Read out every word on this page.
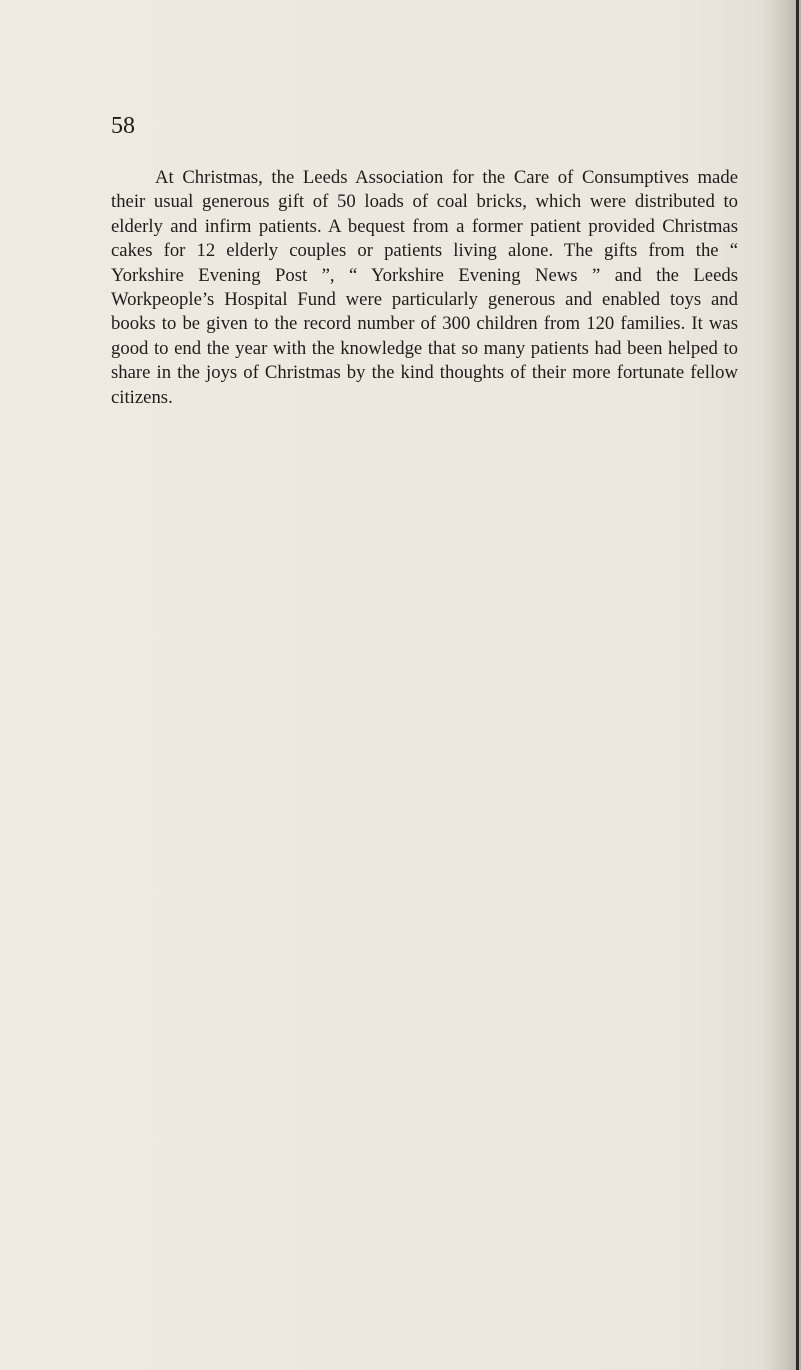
58

At Christmas, the Leeds Association for the Care of Consumptives made their usual generous gift of 50 loads of coal bricks, which were distributed to elderly and infirm patients. A bequest from a former patient provided Christmas cakes for 12 elderly couples or patients living alone. The gifts from the “ Yorkshire Evening Post ”, “ Yorkshire Evening News ” and the Leeds Workpeople’s Hospital Fund were particularly generous and enabled toys and books to be given to the record number of 300 children from 120 families. It was good to end the year with the knowledge that so many patients had been helped to share in the joys of Christmas by the kind thoughts of their more fortunate fellow citizens.
